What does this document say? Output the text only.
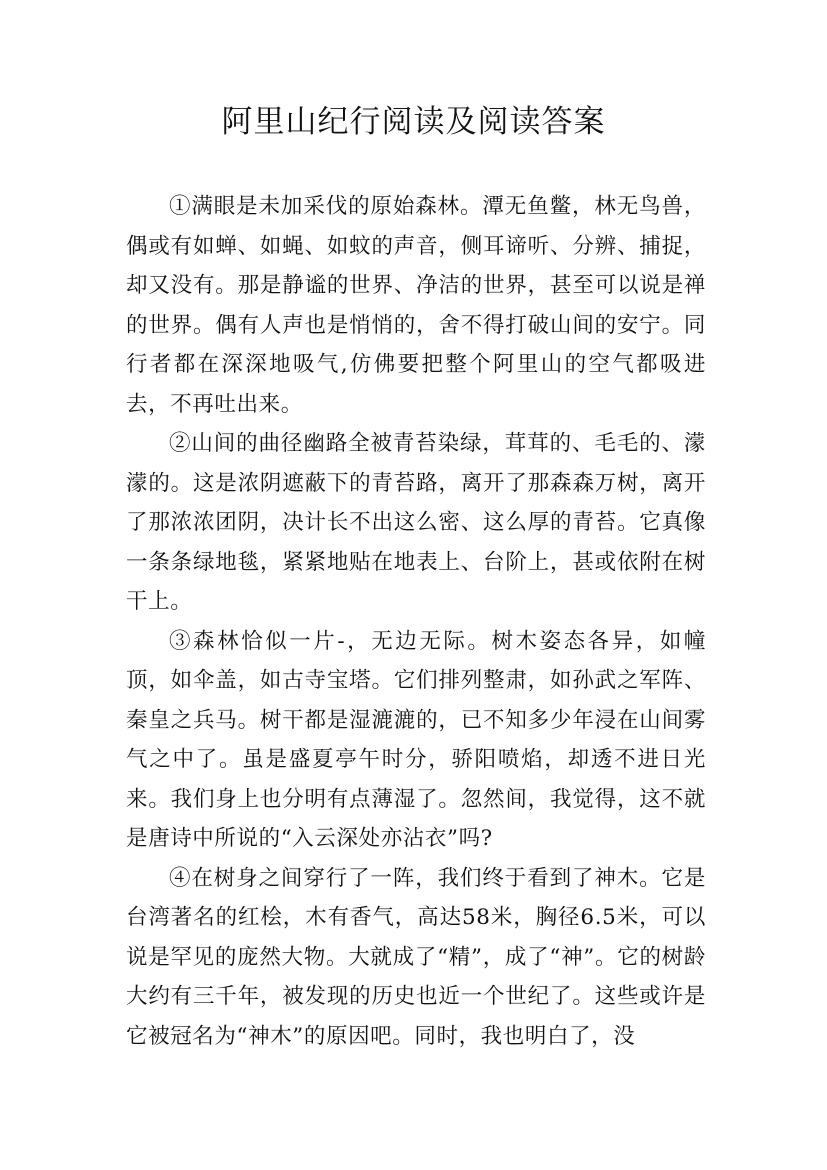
阿里山纪行阅读及阅读答案

①满眼是未加采伐的原始森林。潭无鱼鳖，林无鸟兽，偶或有如蝉、如蝇、如蚊的声音，侧耳谛听、分辨、捕捉，却又没有。那是静谧的世界、净洁的世界，甚至可以说是禅的世界。偶有人声也是悄悄的，舍不得打破山间的安宁。同行者都在深深地吸气,仿佛要把整个阿里山的空气都吸进去，不再吐出来。

②山间的曲径幽路全被青苔染绿，茸茸的、毛毛的、濛濛的。这是浓阴遮蔽下的青苔路，离开了那森森万树，离开了那浓浓团阴，决计长不出这么密、这么厚的青苔。它真像一条条绿地毯，紧紧地贴在地表上、台阶上，甚或依附在树干上。

③森林恰似一片-，无边无际。树木姿态各异，如幢顶，如伞盖，如古寺宝塔。它们排列整肃，如孙武之军阵、秦皇之兵马。树干都是湿漉漉的，已不知多少年浸在山间雾气之中了。虽是盛夏亭午时分，骄阳喷焰，却透不进日光来。我们身上也分明有点薄湿了。忽然间，我觉得，这不就是唐诗中所说的“入云深处亦沾衣”吗?

④在树身之间穿行了一阵，我们终于看到了神木。它是台湾著名的红桧，木有香气，高达58米，胸径6.5米，可以说是罕见的庞然大物。大就成了“精”，成了“神”。它的树龄大约有三千年，被发现的历史也近一个世纪了。这些或许是它被冠名为“神木”的原因吧。同时，我也明白了，没
